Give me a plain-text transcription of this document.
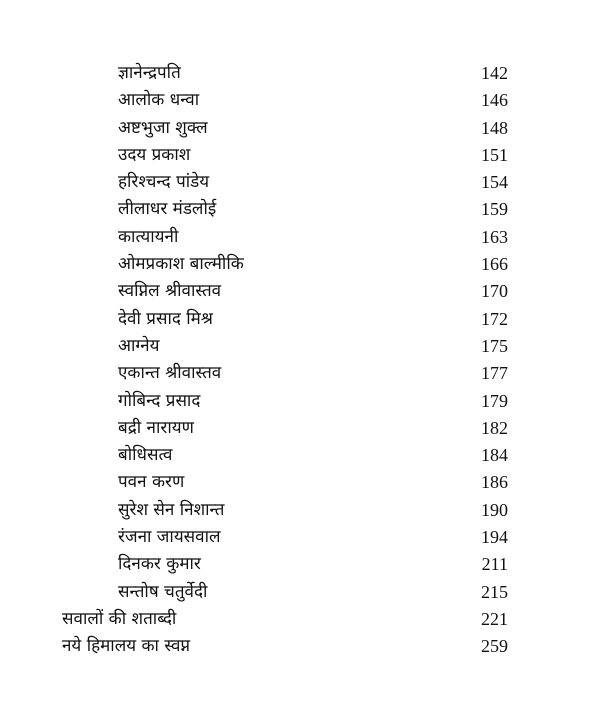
ज्ञानेन्द्रपति	142
आलोक धन्वा	146
अष्टभुजा शुक्ल	148
उदय प्रकाश	151
हरिश्चन्द पांडेय	154
लीलाधर मंडलोई	159
कात्यायनी	163
ओमप्रकाश बाल्मीकि	166
स्वप्निल श्रीवास्तव	170
देवी प्रसाद मिश्र	172
आग्नेय	175
एकान्त श्रीवास्तव	177
गोबिन्द प्रसाद	179
बद्री नारायण	182
बोधिसत्व	184
पवन करण	186
सुरेश सेन निशान्त	190
रंजना जायसवाल	194
दिनकर कुमार	211
सन्तोष चतुर्वेदी	215
सवालों की शताब्दी	221
नये हिमालय का स्वप्न	259
